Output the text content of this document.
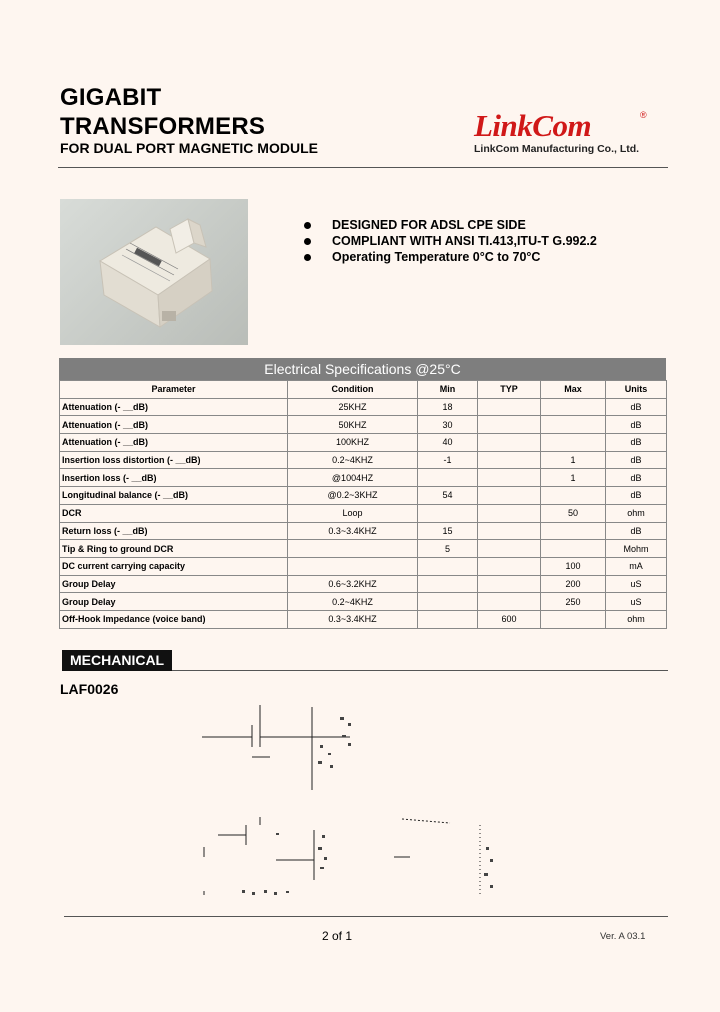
GIGABIT
TRANSFORMERS
FOR DUAL PORT MAGNETIC MODULE
LinkCom	®
LinkCom Manufacturing Co., Ltd.
DESIGNED FOR ADSL CPE SIDE
COMPLIANT WITH ANSI TI.413,ITU-T G.992.2
Operating Temperature 0°C to 70°C
Electrical Specifications @25°C
Parameter	Condition	Min	TYP	Max	Units
Attenuation (- __dB)	25KHZ	18			dB
Attenuation (- __dB)	50KHZ	30			dB
Attenuation (- __dB)	100KHZ	40			dB
Insertion loss distortion (- __dB)	0.2~4KHZ	-1		1	dB
Insertion loss (- __dB)	@1004HZ			1	dB
Longitudinal balance (- __dB)	@0.2~3KHZ	54			dB
DCR	Loop			50	ohm
Return loss (- __dB)	0.3~3.4KHZ	15			dB
Tip & Ring to ground DCR		5			Mohm
DC current carrying capacity				100	mA
Group Delay	0.6~3.2KHZ			200	uS
Group Delay	0.2~4KHZ			250	uS
Off-Hook Impedance (voice band)	0.3~3.4KHZ		600		ohm
MECHANICAL
LAF0026
2 of 1	Ver. A 03.1
